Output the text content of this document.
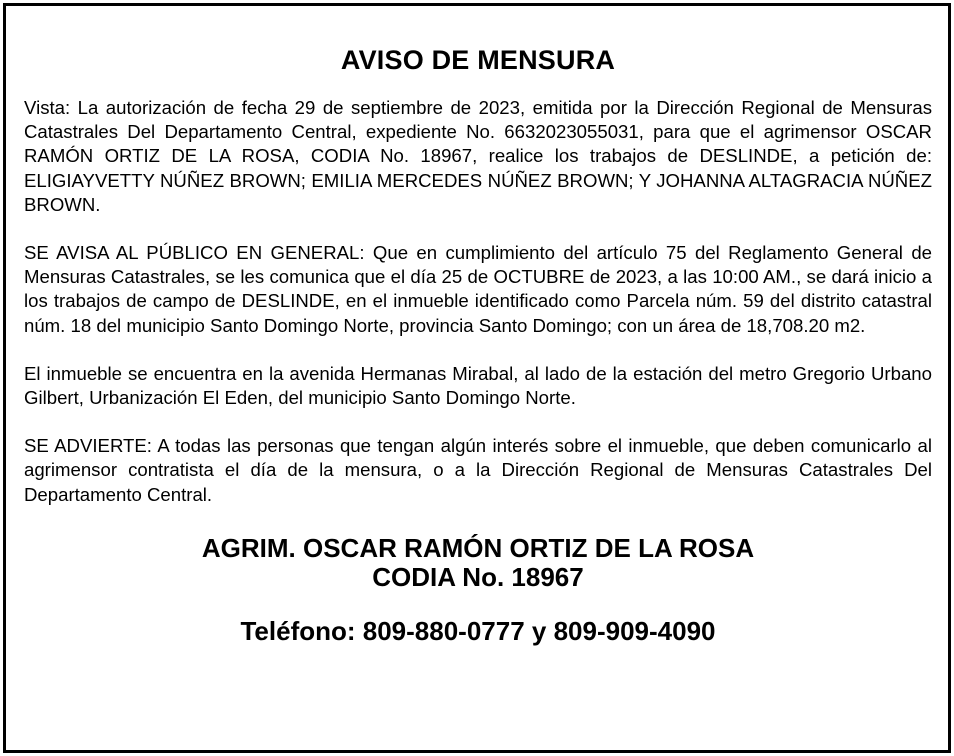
AVISO DE MENSURA

Vista: La autorización de fecha 29 de septiembre de 2023, emitida por la Dirección Regional de Mensuras Catastrales Del Departamento Central, expediente No. 6632023055031, para que el agrimensor OSCAR RAMÓN ORTIZ DE LA ROSA, CODIA No. 18967, realice los trabajos de DESLINDE, a petición de: ELIGIAYVETTY NÚÑEZ BROWN; EMILIA MERCEDES NÚÑEZ BROWN; Y JOHANNA ALTAGRACIA NÚÑEZ BROWN.

SE AVISA AL PÚBLICO EN GENERAL: Que en cumplimiento del artículo 75 del Reglamento General de Mensuras Catastrales, se les comunica que el día 25 de OCTUBRE de 2023, a las 10:00 AM., se dará inicio a los trabajos de campo de DESLINDE, en el inmueble identificado como Parcela núm. 59 del distrito catastral núm. 18 del municipio Santo Domingo Norte, provincia Santo Domingo; con un área de 18,708.20 m2.

El inmueble se encuentra en la avenida Hermanas Mirabal, al lado de la estación del metro Gregorio Urbano Gilbert, Urbanización El Eden, del municipio Santo Domingo Norte.

SE ADVIERTE: A todas las personas que tengan algún interés sobre el inmueble, que deben comunicarlo al agrimensor contratista el día de la mensura, o a la Dirección Regional de Mensuras Catastrales Del Departamento Central.

AGRIM. OSCAR RAMÓN ORTIZ DE LA ROSA
CODIA No. 18967
Teléfono: 809-880-0777 y 809-909-4090
